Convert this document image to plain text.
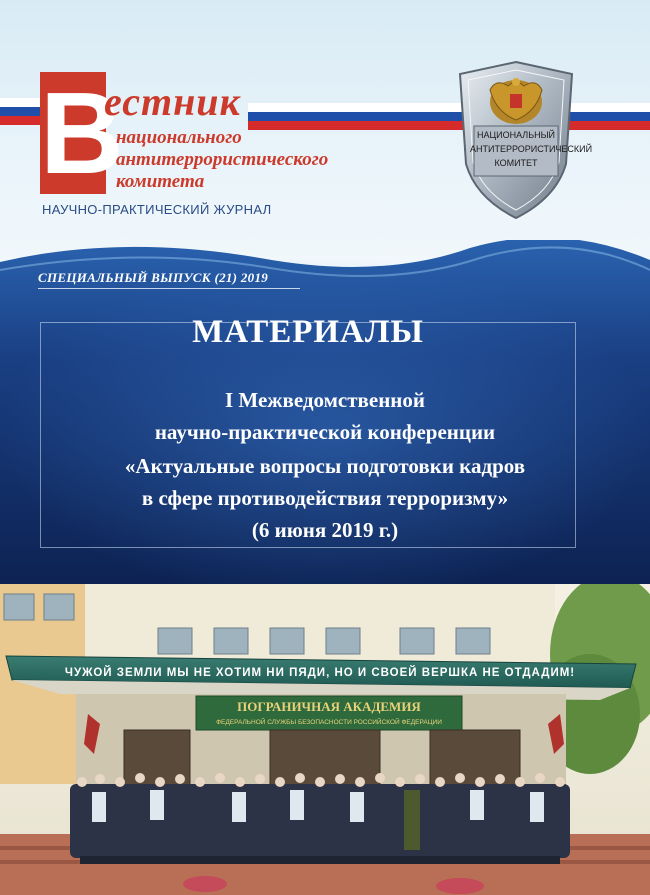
В
естник
национального
антитеррористического
комитета
НАУЧНО-ПРАКТИЧЕСКИЙ ЖУРНАЛ
НАЦИОНАЛЬНЫЙ
АНТИТЕРРОРИСТИЧЕСКИЙ
КОМИТЕТ
СПЕЦИАЛЬНЫЙ ВЫПУСК (21) 2019
МАТЕРИАЛЫ
I Межведомственной
научно-практической конференции
«Актуальные вопросы подготовки кадров
в сфере противодействия терроризму»
(6 июня 2019 г.)
ЧУЖОЙ ЗЕМЛИ МЫ НЕ ХОТИМ НИ ПЯДИ, НО И СВОЕЙ ВЕРШКА НЕ ОТДАДИМ!
ПОГРАНИЧНАЯ АКАДЕМИЯ
ФЕДЕРАЛЬНОЙ СЛУЖБЫ БЕЗОПАСНОСТИ РОССИЙСКОЙ ФЕДЕРАЦИИ
